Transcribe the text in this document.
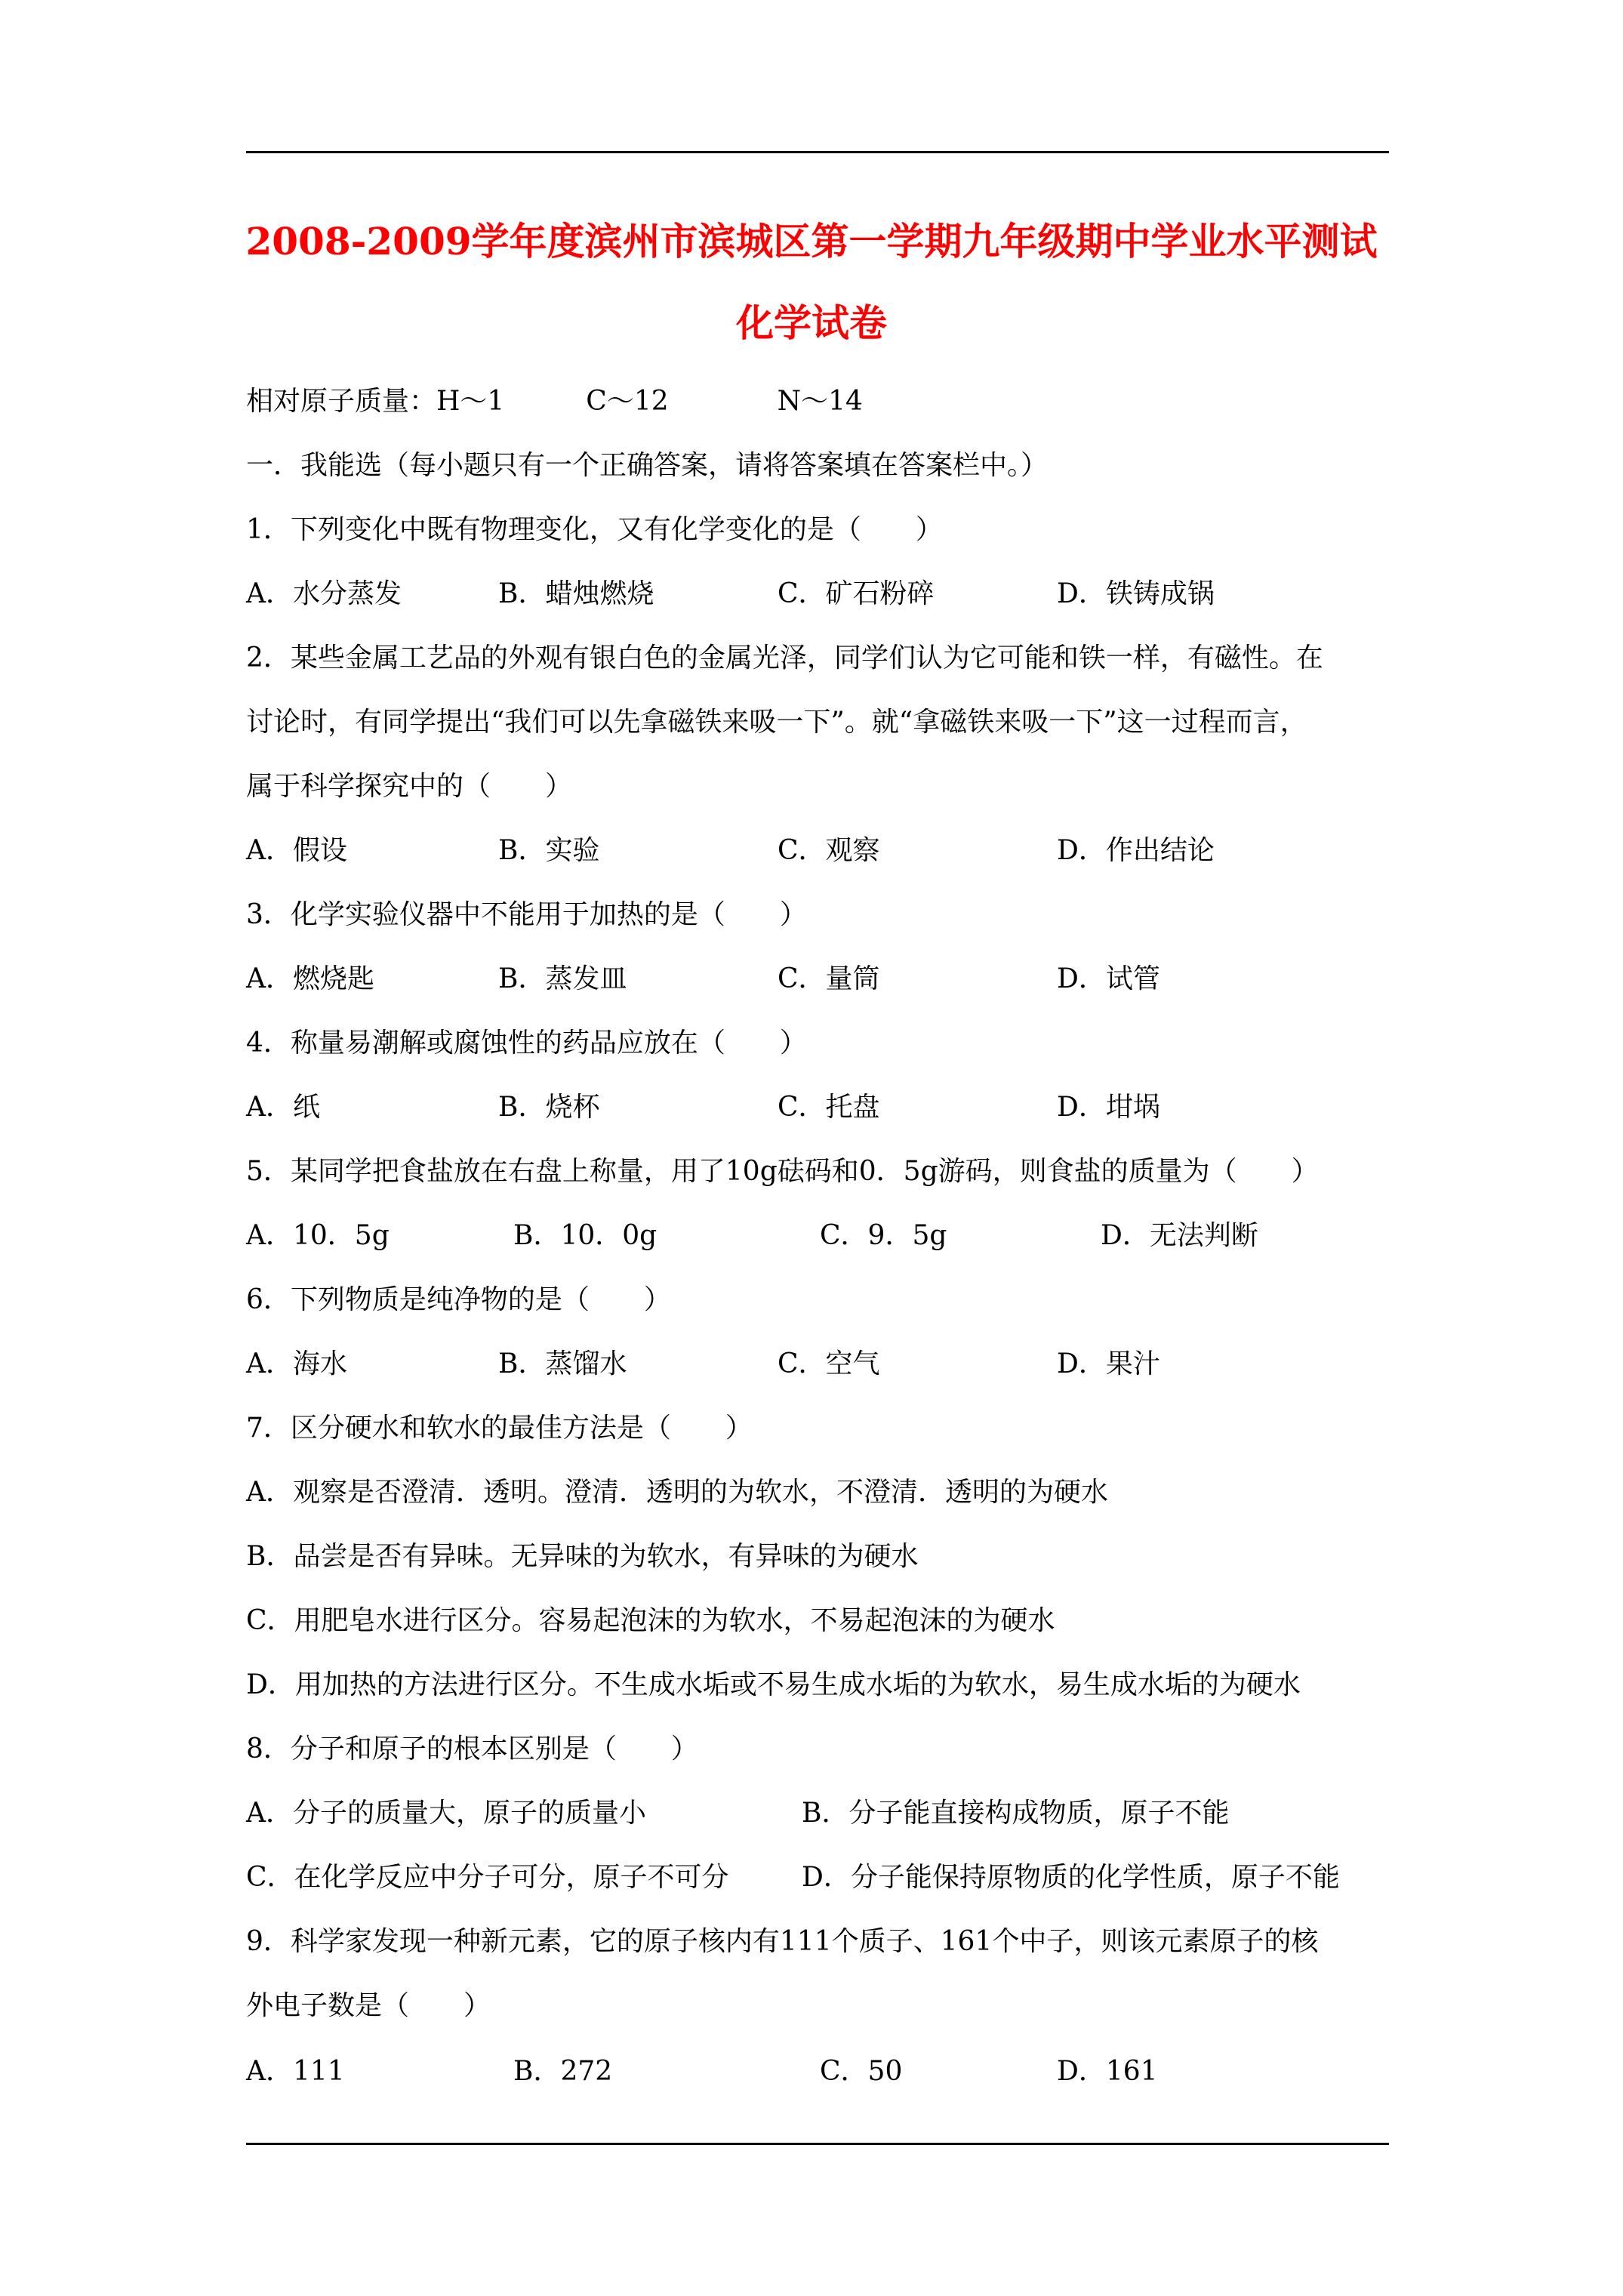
2008-2009学年度滨州市滨城区第一学期九年级期中学业水平测试
化学试卷
相对原子质量：H～1　　　C～12　　　　N～14
一．我能选（每小题只有一个正确答案，请将答案填在答案栏中。）
1．下列变化中既有物理变化，又有化学变化的是（　　）
A．水分蒸发	B．蜡烛燃烧	C．矿石粉碎	D．铁铸成锅
2．某些金属工艺品的外观有银白色的金属光泽，同学们认为它可能和铁一样，有磁性。在
讨论时，有同学提出“我们可以先拿磁铁来吸一下”。就“拿磁铁来吸一下”这一过程而言，
属于科学探究中的（　　）
A．假设	B．实验	C．观察	D．作出结论
3．化学实验仪器中不能用于加热的是（　　）
A．燃烧匙	B．蒸发皿	C．量筒	D．试管
4．称量易潮解或腐蚀性的药品应放在（　　）
A．纸	B．烧杯	C．托盘	D．坩埚
5．某同学把食盐放在右盘上称量，用了10g砝码和0．5g游码，则食盐的质量为（　　）
A．10．5g	B．10．0g	C．9．5g	D．无法判断
6．下列物质是纯净物的是（　　）
A．海水	B．蒸馏水	C．空气	D．果汁
7．区分硬水和软水的最佳方法是（　　）
A．观察是否澄清．透明。澄清．透明的为软水，不澄清．透明的为硬水
B．品尝是否有异味。无异味的为软水，有异味的为硬水
C．用肥皂水进行区分。容易起泡沫的为软水，不易起泡沫的为硬水
D．用加热的方法进行区分。不生成水垢或不易生成水垢的为软水，易生成水垢的为硬水
8．分子和原子的根本区别是（　　）
A．分子的质量大，原子的质量小	B．分子能直接构成物质，原子不能
C．在化学反应中分子可分，原子不可分	D．分子能保持原物质的化学性质，原子不能
9．科学家发现一种新元素，它的原子核内有111个质子、161个中子，则该元素原子的核
外电子数是（　　）
A．111	B．272	C．50	D．161
